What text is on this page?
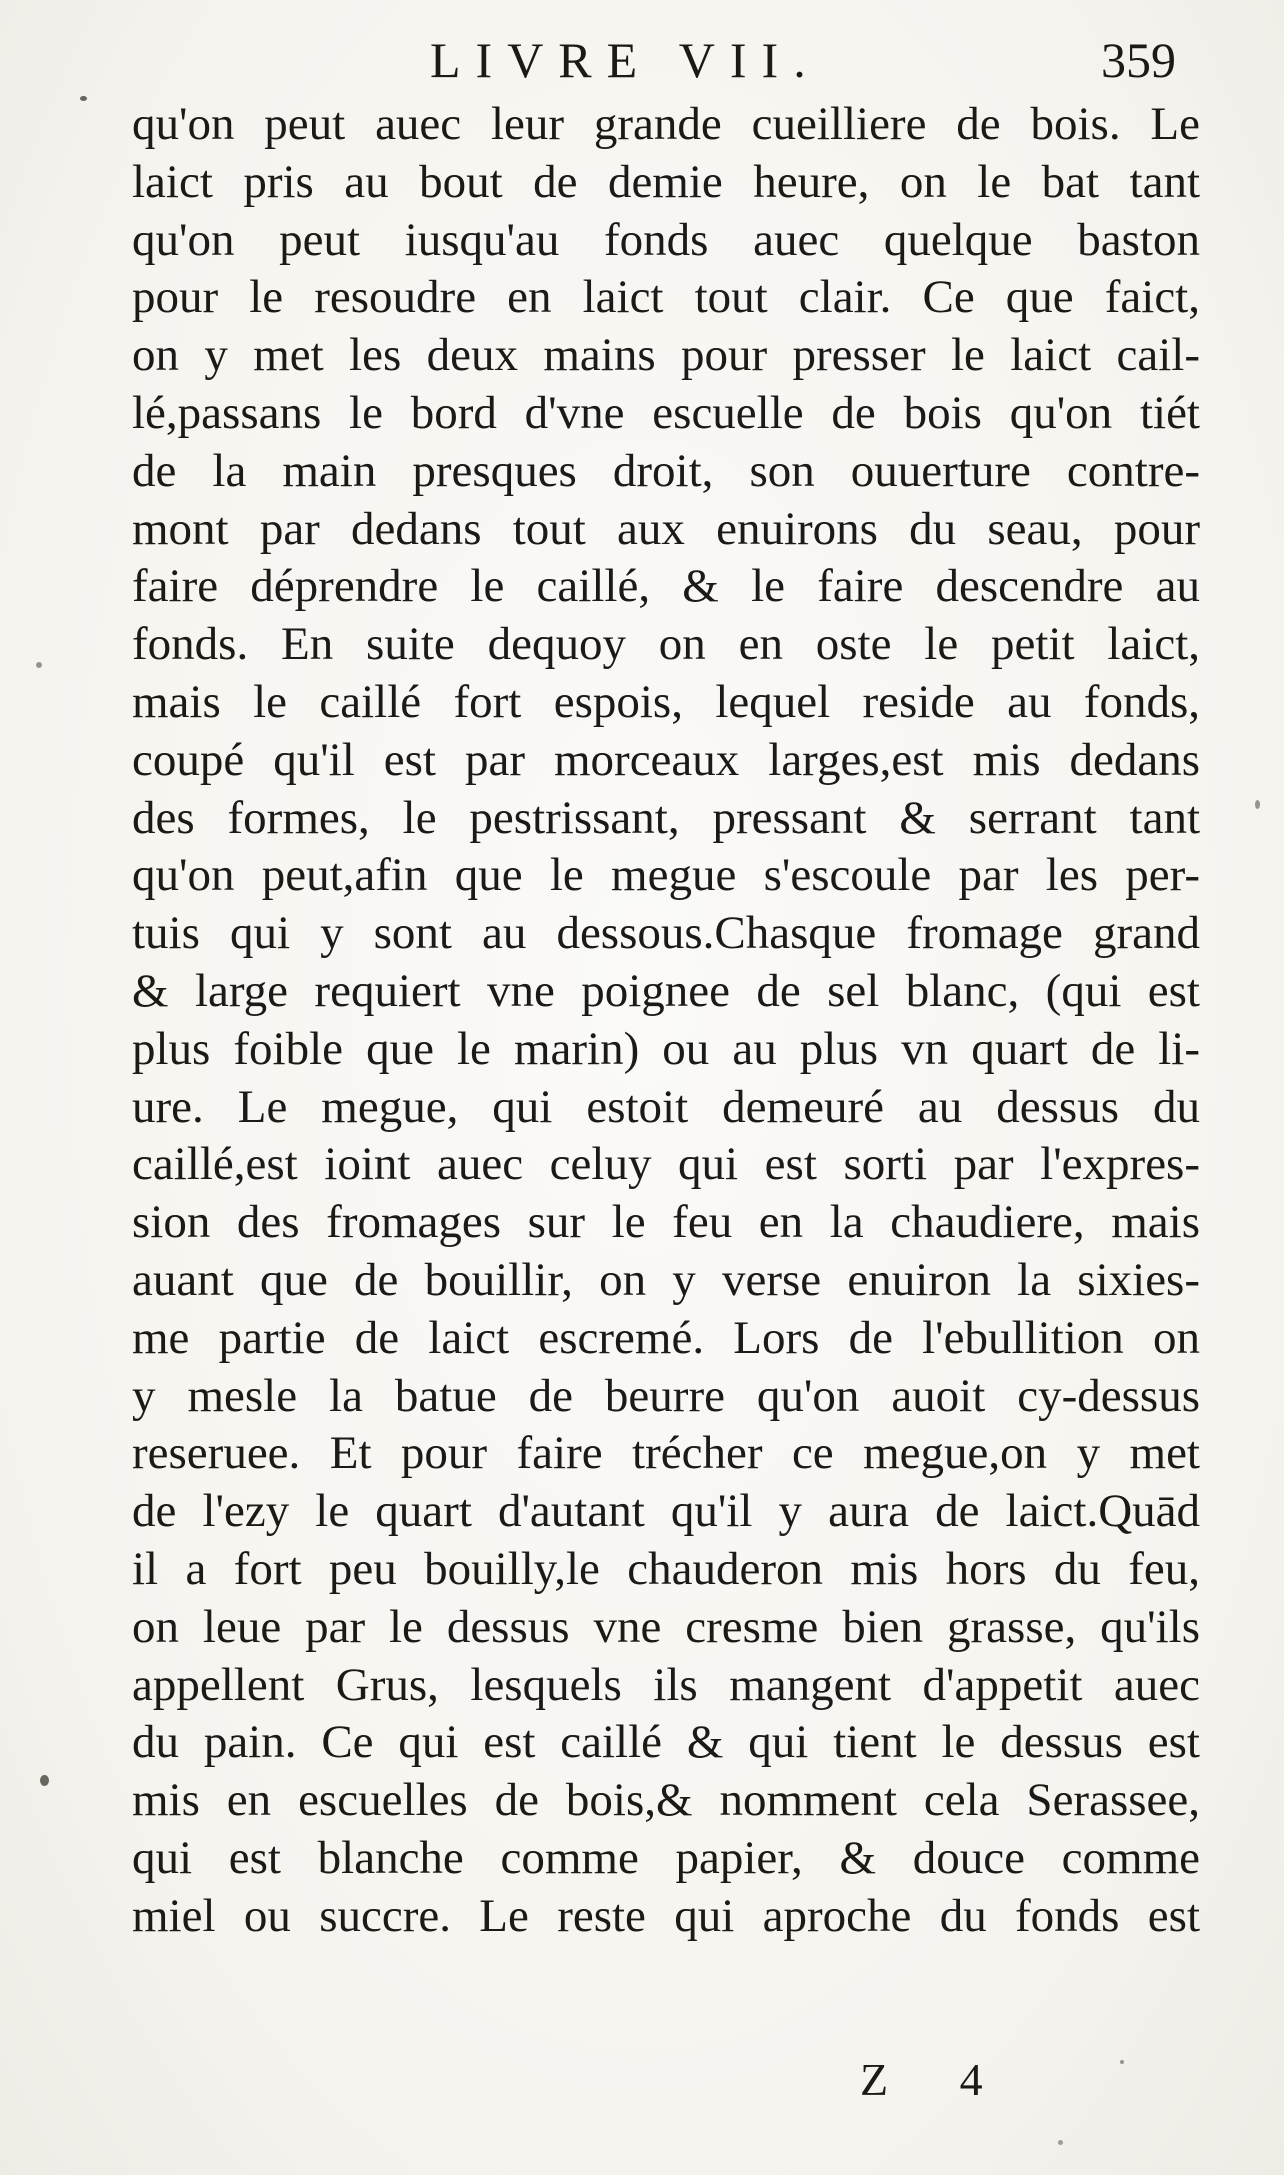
LIVRE VII.	359
qu'on peut auec leur grande cueilliere de bois. Le
laict pris au bout de demie heure, on le bat tant
qu'on peut iusqu'au fonds auec quelque baston
pour le resoudre en laict tout clair. Ce que faict,
on y met les deux mains pour presser le laict cail-
lé,passans le bord d'vne escuelle de bois qu'on tiét
de la main presques droit, son ouuerture contre-
mont par dedans tout aux enuirons du seau, pour
faire déprendre le caillé, & le faire descendre au
fonds. En suite dequoy on en oste le petit laict,
mais le caillé fort espois, lequel reside au fonds,
coupé qu'il est par morceaux larges,est mis dedans
des formes, le pestrissant, pressant & serrant tant
qu'on peut,afin que le megue s'escoule par les per-
tuis qui y sont au dessous.Chasque fromage grand
& large requiert vne poignee de sel blanc, (qui est
plus foible que le marin) ou au plus vn quart de li-
ure. Le megue, qui estoit demeuré au dessus du
caillé,est ioint auec celuy qui est sorti par l'expres-
sion des fromages sur le feu en la chaudiere, mais
auant que de bouillir, on y verse enuiron la sixies-
me partie de laict escremé. Lors de l'ebullition on
y mesle la batue de beurre qu'on auoit cy-dessus
reseruee. Et pour faire trécher ce megue,on y met
de l'ezy le quart d'autant qu'il y aura de laict.Quād
il a fort peu bouilly,le chauderon mis hors du feu,
on leue par le dessus vne cresme bien grasse, qu'ils
appellent Grus, lesquels ils mangent d'appetit auec
du pain. Ce qui est caillé & qui tient le dessus est
mis en escuelles de bois,& nomment cela Serassee,
qui est blanche comme papier, & douce comme
miel ou succre. Le reste qui aproche du fonds est
Z 4
